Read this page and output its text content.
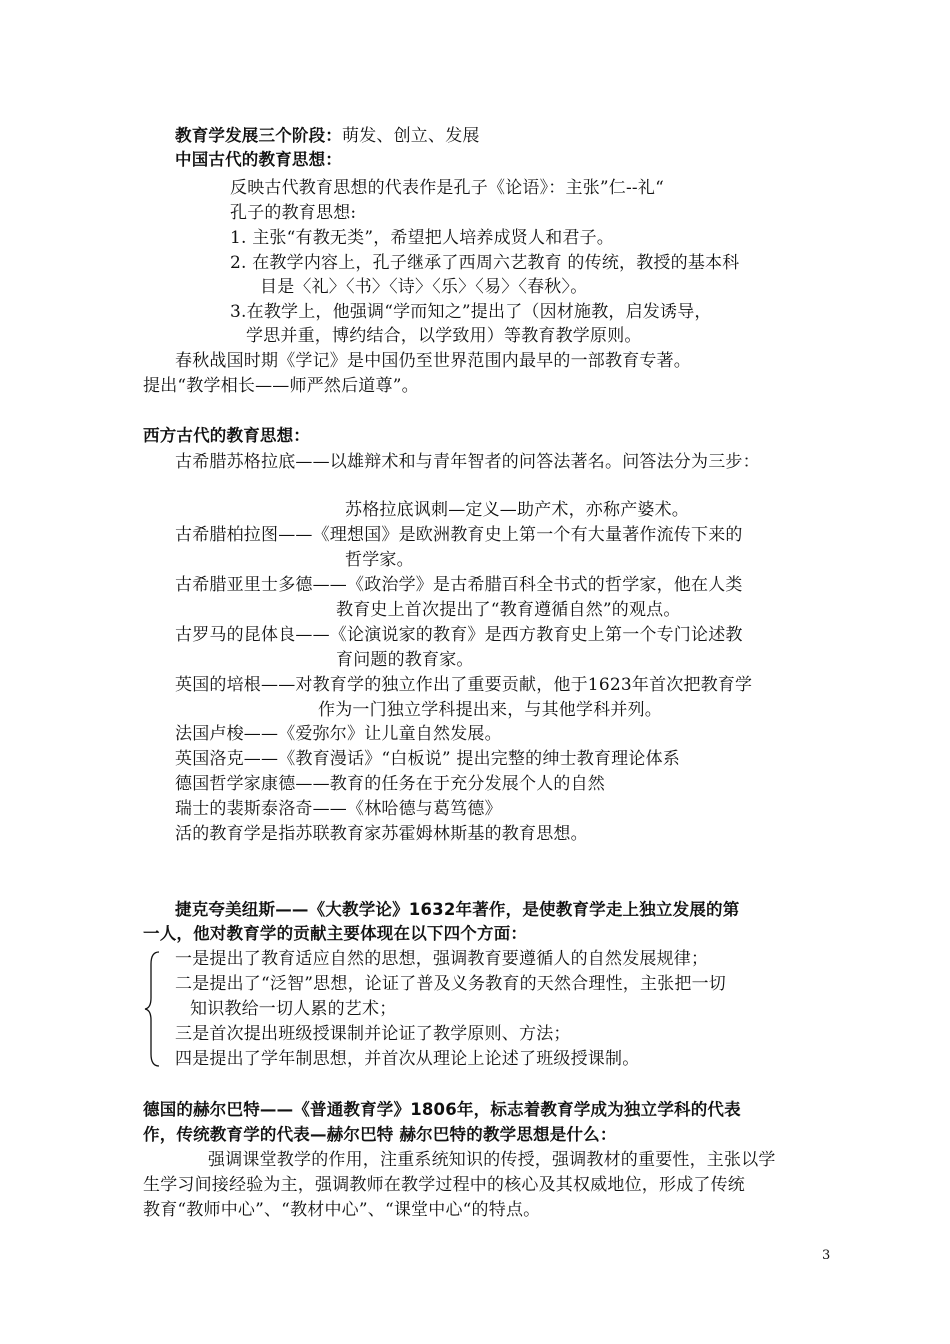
教育学发展三个阶段：萌发、创立、发展
中国古代的教育思想：
反映古代教育思想的代表作是孔子《论语》：主张”仁--礼“
孔子的教育思想:
1. 主张“有教无类”，希望把人培养成贤人和君子。
2. 在教学内容上，孔子继承了西周六艺教育 的传统，教授的基本科
目是〈礼〉〈书〉〈诗〉〈乐〉〈易〉〈春秋〉。
3.在教学上，他强调“学而知之”提出了（因材施教，启发诱导，
学思并重，博约结合，以学致用）等教育教学原则。
春秋战国时期《学记》是中国仍至世界范围内最早的一部教育专著。
提出“教学相长——师严然后道尊”。
西方古代的教育思想：
古希腊苏格拉底——以雄辩术和与青年智者的问答法著名。问答法分为三步：
苏格拉底讽刺—定义—助产术，亦称产婆术。
古希腊柏拉图——《理想国》是欧洲教育史上第一个有大量著作流传下来的
哲学家。
古希腊亚里士多德——《政治学》是古希腊百科全书式的哲学家，他在人类
教育史上首次提出了“教育遵循自然”的观点。
古罗马的昆体良——《论演说家的教育》是西方教育史上第一个专门论述教
育问题的教育家。
英国的培根——对教育学的独立作出了重要贡献，他于1623年首次把教育学
作为一门独立学科提出来，与其他学科并列。
法国卢梭——《爱弥尔》让儿童自然发展。
英国洛克——《教育漫话》“白板说” 提出完整的绅士教育理论体系
德国哲学家康德——教育的任务在于充分发展个人的自然
瑞士的裴斯泰洛奇——《林哈德与葛笃德》
活的教育学是指苏联教育家苏霍姆林斯基的教育思想。
捷克夸美纽斯——《大教学论》1632年著作，是使教育学走上独立发展的第
一人，他对教育学的贡献主要体现在以下四个方面：
一是提出了教育适应自然的思想，强调教育要遵循人的自然发展规律；
二是提出了“泛智”思想，论证了普及义务教育的天然合理性，主张把一切
知识教给一切人累的艺术；
三是首次提出班级授课制并论证了教学原则、方法；
四是提出了学年制思想，并首次从理论上论述了班级授课制。
德国的赫尔巴特——《普通教育学》1806年，标志着教育学成为独立学科的代表
作，传统教育学的代表—赫尔巴特 赫尔巴特的教学思想是什么：
强调课堂教学的作用，注重系统知识的传授，强调教材的重要性，主张以学
生学习间接经验为主，强调教师在教学过程中的核心及其权威地位，形成了传统
教育“教师中心”、“教材中心”、“课堂中心“的特点。
3
